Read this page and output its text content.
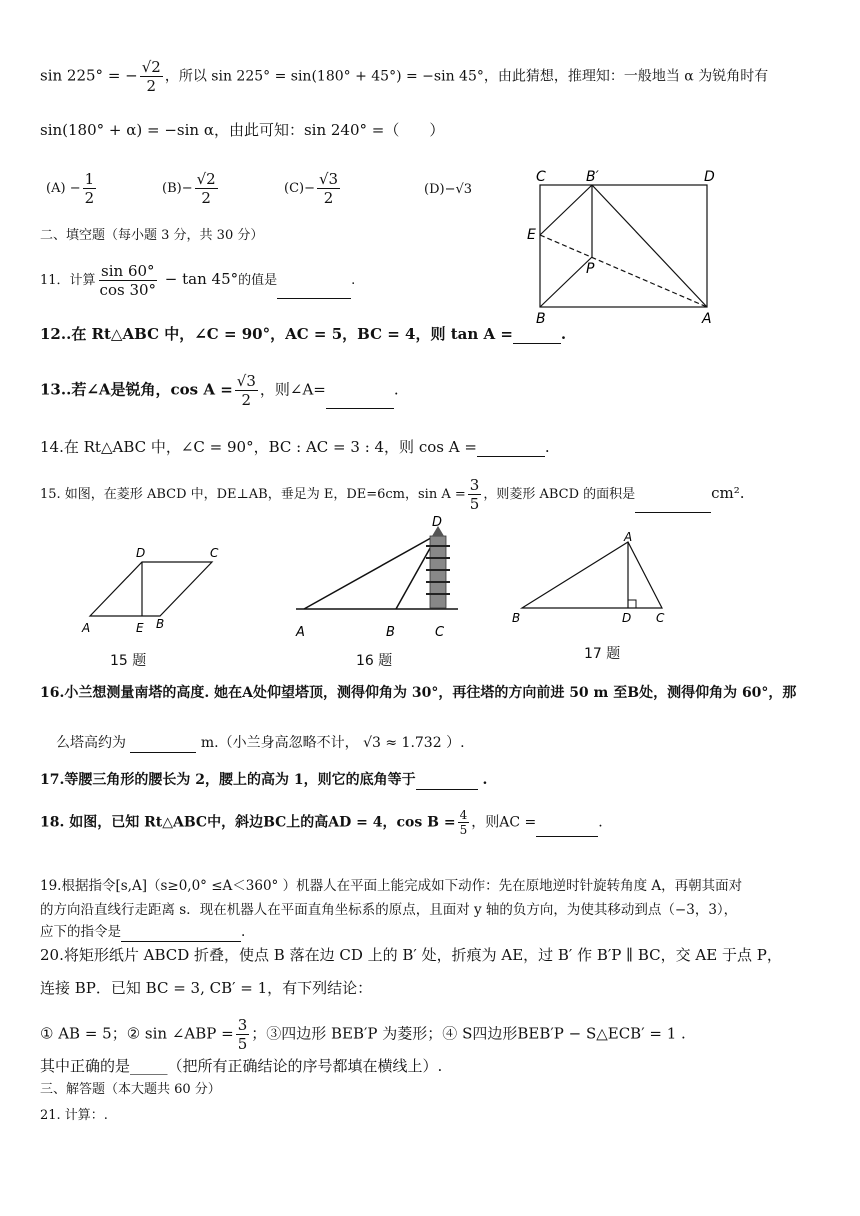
sin 225° = − $\frac{√2}{2}$ ，所以 sin 225° = sin(180° + 45°) = −sin 45°，由此猜想，推理知：一般地当 α 为锐角时有
sin(180° + α) = −sin α，由此可知：sin 240° =（　　）
$(A) - \frac{1}{2}$	$(B)- \frac{√2}{2}$	$(C)- \frac{√3}{2}$	(D)−√3
C	B′	D
E
P
B	A
二、填空题（每小题 3 分，共 30 分）
11．计算 $\frac{\sin 60^\circ}{\cos 30^\circ} - \tan 45^\circ$的值是	.
12..在 Rt△ABC 中，∠C = 90°，AC = 5，BC = 4，则 tan A =	.
13..若∠A是锐角，$\cos A = \frac{√3}{2}$ ，则∠A=	.
14.在 Rt△ABC 中，∠C = 90°，BC : AC = 3 : 4，则 cos A =	.
15. 如图，在菱形 ABCD 中，DE⊥AB，垂足为 E，DE=6cm，$\sin A = \frac{3}{5}$ ，则菱形 ABCD 的面积是	cm².
D	C
A	E B
15 题
D
A	B	C
16 题
A
B	D C
17 题
16.小兰想测量南塔的高度. 她在A处仰望塔顶，测得仰角为 30°，再往塔的方向前进 50 m 至B处，测得仰角为 60°，那
么塔高约为	m.（小兰身高忽略不计， √3 ≈ 1.732 ）.
17.等腰三角形的腰长为 2，腰上的高为 1，则它的底角等于	.
18. 如图，已知 Rt△ABC中，斜边BC上的高AD = 4，$\cos B = \frac{4}{5}$ ，则AC =	.
19.根据指令[s,A]（s≥0,0° ≤A＜360° ）机器人在平面上能完成如下动作：先在原地逆时针旋转角度 A，再朝其面对
的方向沿直线行走距离 s．现在机器人在平面直角坐标系的原点，且面对 y 轴的负方向，为使其移动到点（−3，3），
应下的指令是	.
20.将矩形纸片 ABCD 折叠，使点 B 落在边 CD 上的 B′ 处，折痕为 AE，过 B′ 作 B′P ∥ BC，交 AE 于点 P，
连接 BP．已知 BC = 3, CB′ = 1，有下列结论：
① AB = 5；② sin ∠ABP = $\frac{3}{5}$ ；③四边形 BEB′P 为菱形；④ S四边形BEB′P − S△ECB′ = 1 .
其中正确的是_____（把所有正确结论的序号都填在横线上）.
三、解答题（本大题共 60 分）
21. 计算：.
